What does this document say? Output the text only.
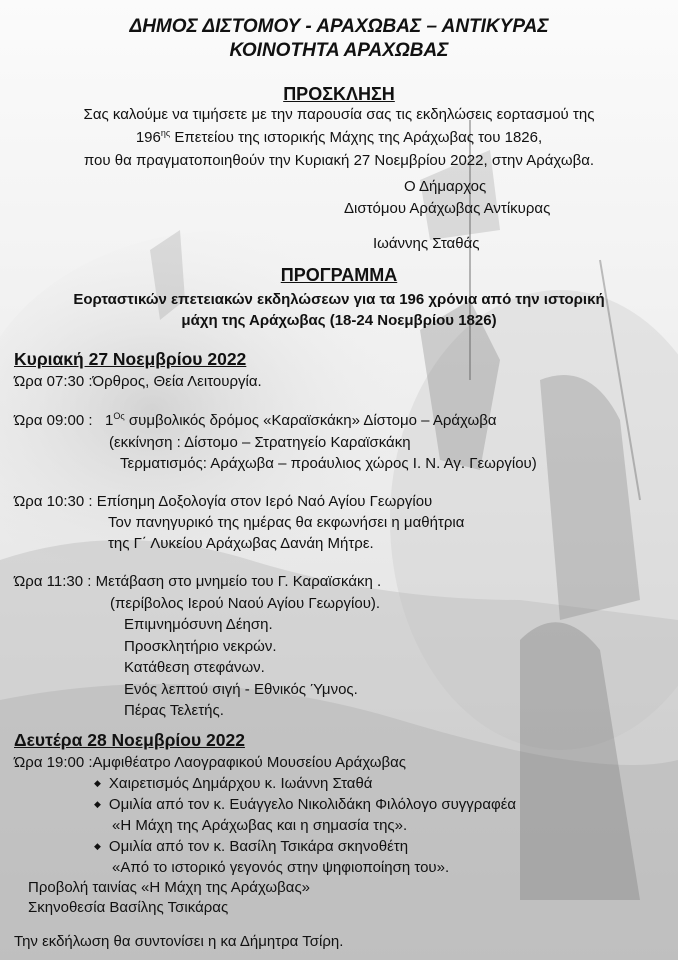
ΔΗΜΟΣ ΔΙΣΤΟΜΟΥ - ΑΡΑΧΩΒΑΣ – ΑΝΤΙΚΥΡΑΣ
ΚΟΙΝΟΤΗΤΑ ΑΡΑΧΩΒΑΣ
ΠΡΟΣΚΛΗΣΗ
Σας καλούμε να τιμήσετε με την παρουσία σας τις εκδηλώσεις εορτασμού της
$196^{\eta\varsigma}$ Επετείου της ιστορικής Μάχης της Αράχωβας του 1826,
που θα πραγματοποιηθούν την Κυριακή 27 Νοεμβρίου 2022, στην Αράχωβα.
Ο Δήμαρχος
Διστόμου Αράχωβας Αντίκυρας
Ιωάννης Σταθάς
ΠΡΟΓΡΑΜΜΑ
Εορταστικών επετειακών εκδηλώσεων για τα 196 χρόνια από την ιστορική
μάχη της Αράχωβας (18-24 Νοεμβρίου 1826)
Κυριακή 27 Νοεμβρίου 2022
Ώρα 07:30 :Όρθρος, Θεία Λειτουργία.
Ώρα 09:00 : $1^{O\varsigma}$ συμβολικός δρόμος «Καραϊσκάκη» Δίστομο – Αράχωβα
(εκκίνηση : Δίστομο – Στρατηγείο Καραϊσκάκη
Τερματισμός: Αράχωβα – προάυλιος χώρος Ι. Ν. Αγ. Γεωργίου)
Ώρα 10:30 : Επίσημη Δοξολογία στον Ιερό Ναό Αγίου Γεωργίου
Τον πανηγυρικό της ημέρας θα εκφωνήσει η μαθήτρια
της Γ΄ Λυκείου Αράχωβας Δανάη Μήτρε.
Ώρα 11:30 : Μετάβαση στο μνημείο του Γ. Καραϊσκάκη .
(περίβολος Ιερού Ναού Αγίου Γεωργίου).
Επιμνημόσυνη Δέηση.
Προσκλητήριο νεκρών.
Κατάθεση στεφάνων.
Ενός λεπτού σιγή - Εθνικός Ύμνος.
Πέρας Τελετής.
Δευτέρα 28 Νοεμβρίου 2022
Ώρα 19:00 :Αμφιθέατρο Λαογραφικού Μουσείου Αράχωβας
◆ Χαιρετισμός Δημάρχου κ. Ιωάννη Σταθά
◆ Ομιλία από τον κ. Ευάγγελο Νικολιδάκη Φιλόλογο συγγραφέα
«Η Μάχη της Αράχωβας και η σημασία της».
◆ Ομιλία από τον κ. Βασίλη Τσικάρα σκηνοθέτη
«Από το ιστορικό γεγονός στην ψηφιοποίηση του».
Προβολή ταινίας «Η Μάχη της Αράχωβας»
Σκηνοθεσία Βασίλης Τσικάρας
Την εκδήλωση θα συντονίσει η κα Δήμητρα Τσίρη.
